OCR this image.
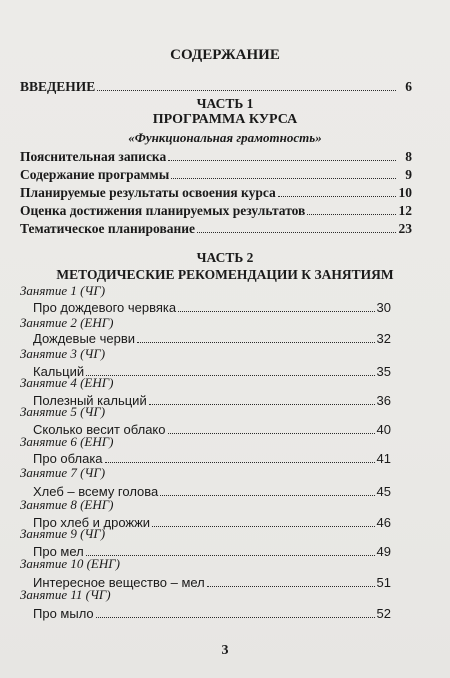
СОДЕРЖАНИЕ
ВВЕДЕНИЕ	6
ЧАСТЬ 1
ПРОГРАММА КУРСА
«Функциональная грамотность»
Пояснительная записка	8
Содержание программы	9
Планируемые результаты освоения курса	10
Оценка достижения планируемых результатов	12
Тематическое планирование	23
ЧАСТЬ 2
МЕТОДИЧЕСКИЕ РЕКОМЕНДАЦИИ К ЗАНЯТИЯМ
Занятие 1 (ЧГ)
Про дождевого червяка	30
Занятие 2 (ЕНГ)
Дождевые черви	32
Занятие 3 (ЧГ)
Кальций	35
Занятие 4 (ЕНГ)
Полезный кальций	36
Занятие 5 (ЧГ)
Сколько весит облако	40
Занятие 6 (ЕНГ)
Про облака	41
Занятие 7 (ЧГ)
Хлеб – всему голова	45
Занятие 8 (ЕНГ)
Про хлеб и дрожжи	46
Занятие 9 (ЧГ)
Про мел	49
Занятие 10 (ЕНГ)
Интересное вещество – мел	51
Занятие 11 (ЧГ)
Про мыло	52
3
